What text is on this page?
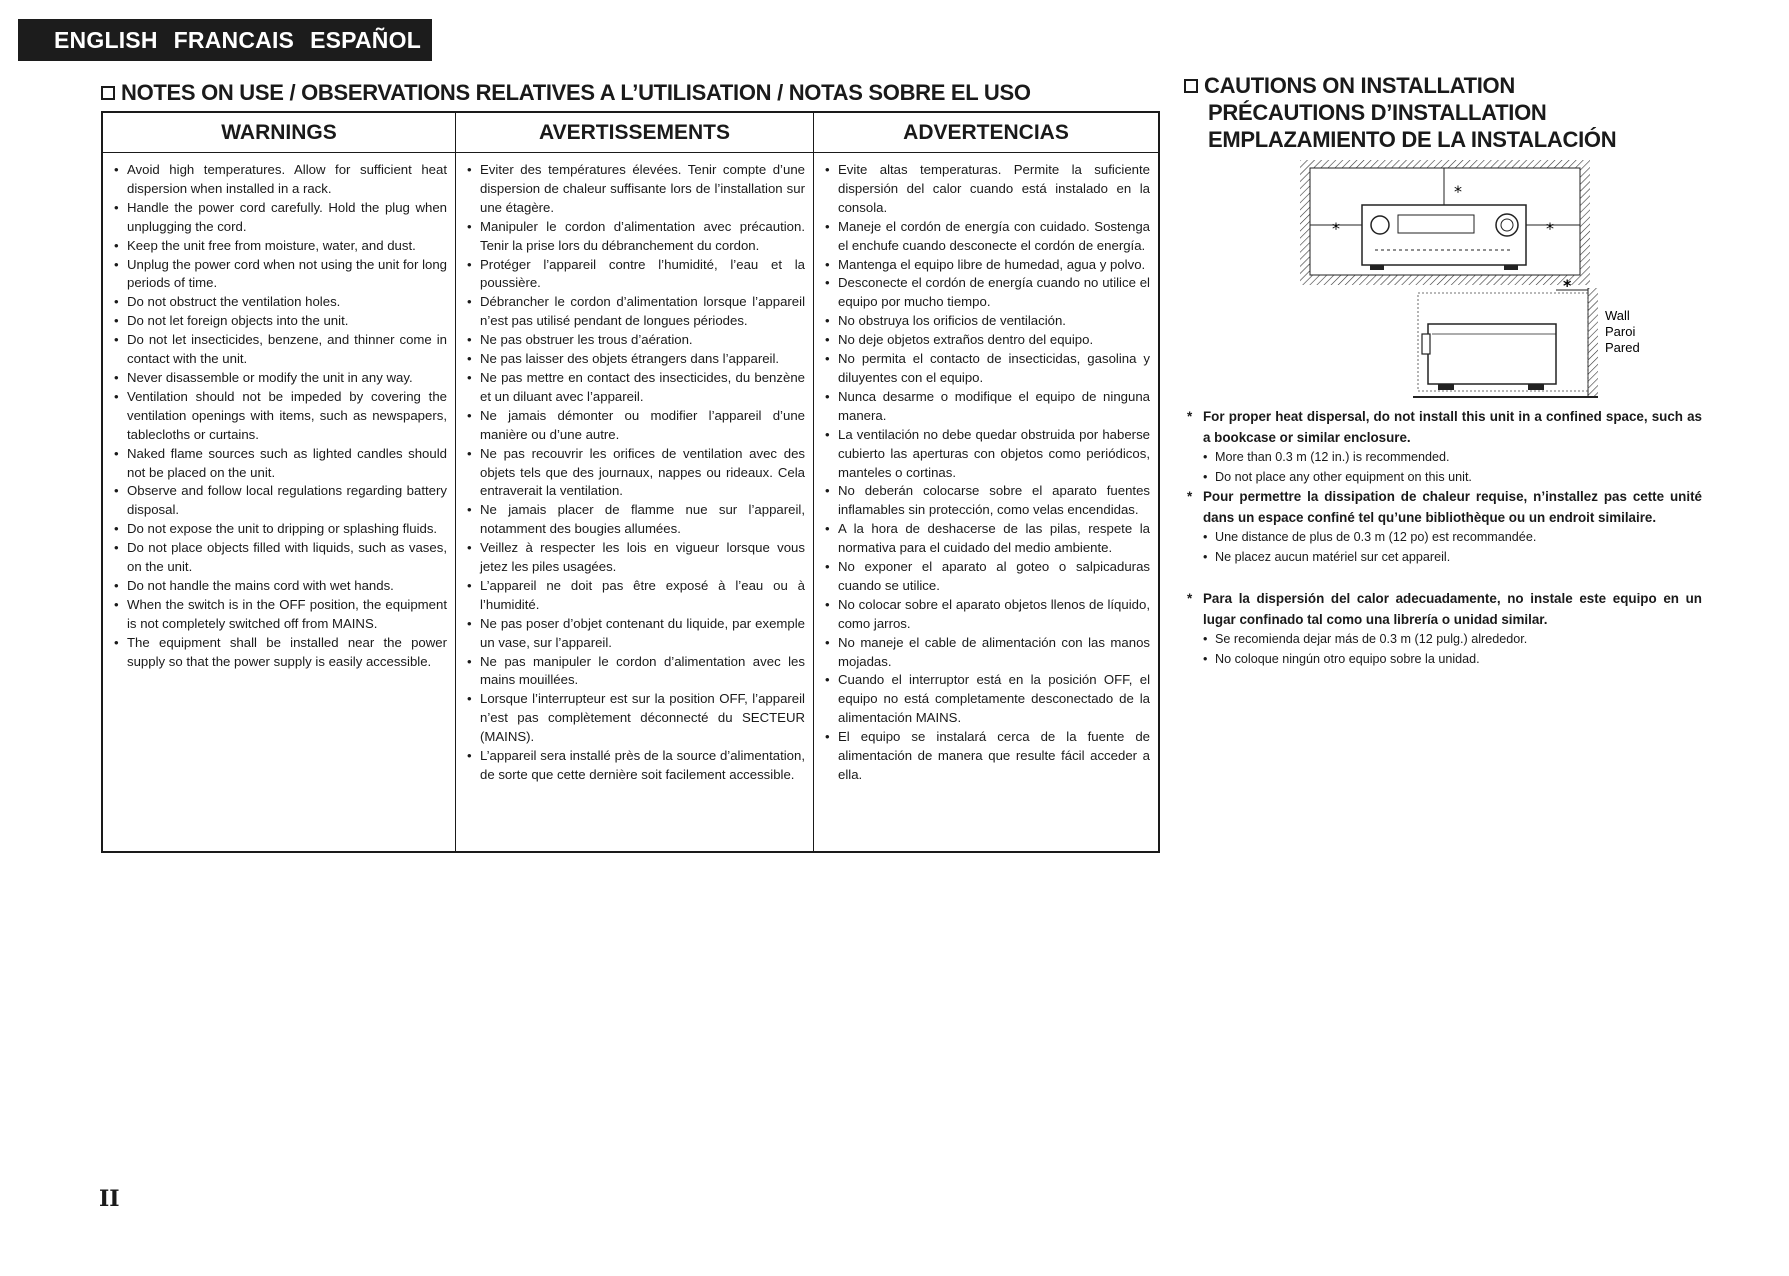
ENGLISH FRANCAIS ESPAÑOL
NOTES ON USE / OBSERVATIONS RELATIVES A L’UTILISATION / NOTAS SOBRE EL USO
WARNINGS
• Avoid high temperatures. Allow for sufficient heat dispersion when installed in a rack.
• Handle the power cord carefully. Hold the plug when unplugging the cord.
• Keep the unit free from moisture, water, and dust.
• Unplug the power cord when not using the unit for long periods of time.
• Do not obstruct the ventilation holes.
• Do not let foreign objects into the unit.
• Do not let insecticides, benzene, and thinner come in contact with the unit.
• Never disassemble or modify the unit in any way.
• Ventilation should not be impeded by covering the ventilation openings with items, such as newspapers, tablecloths or curtains.
• Naked flame sources such as lighted candles should not be placed on the unit.
• Observe and follow local regulations regarding battery disposal.
• Do not expose the unit to dripping or splashing fluids.
• Do not place objects filled with liquids, such as vases, on the unit.
• Do not handle the mains cord with wet hands.
• When the switch is in the OFF position, the equipment is not completely switched off from MAINS.
• The equipment shall be installed near the power supply so that the power supply is easily accessible.
AVERTISSEMENTS
• Eviter des températures élevées. Tenir compte d’une dispersion de chaleur suffisante lors de l’installation sur une étagère.
• Manipuler le cordon d’alimentation avec précaution. Tenir la prise lors du débranchement du cordon.
• Protéger l’appareil contre l’humidité, l’eau et la poussière.
• Débrancher le cordon d’alimentation lorsque l’appareil n’est pas utilisé pendant de longues périodes.
• Ne pas obstruer les trous d’aération.
• Ne pas laisser des objets étrangers dans l’appareil.
• Ne pas mettre en contact des insecticides, du benzène et un diluant avec l’appareil.
• Ne jamais démonter ou modifier l’appareil d’une manière ou d’une autre.
• Ne pas recouvrir les orifices de ventilation avec des objets tels que des journaux, nappes ou rideaux. Cela entraverait la ventilation.
• Ne jamais placer de flamme nue sur l’appareil, notamment des bougies allumées.
• Veillez à respecter les lois en vigueur lorsque vous jetez les piles usagées.
• L’appareil ne doit pas être exposé à l’eau ou à l’humidité.
• Ne pas poser d’objet contenant du liquide, par exemple un vase, sur l’appareil.
• Ne pas manipuler le cordon d’alimentation avec les mains mouillées.
• Lorsque l’interrupteur est sur la position OFF, l’appareil n’est pas complètement déconnecté du SECTEUR (MAINS).
• L’appareil sera installé près de la source d’alimentation, de sorte que cette dernière soit facilement accessible.
ADVERTENCIAS
• Evite altas temperaturas. Permite la suficiente dispersión del calor cuando está instalado en la consola.
• Maneje el cordón de energía con cuidado. Sostenga el enchufe cuando desconecte el cordón de energía.
• Mantenga el equipo libre de humedad, agua y polvo.
• Desconecte el cordón de energía cuando no utilice el equipo por mucho tiempo.
• No obstruya los orificios de ventilación.
• No deje objetos extraños dentro del equipo.
• No permita el contacto de insecticidas, gasolina y diluyentes con el equipo.
• Nunca desarme o modifique el equipo de ninguna manera.
• La ventilación no debe quedar obstruida por haberse cubierto las aperturas con objetos como periódicos, manteles o cortinas.
• No deberán colocarse sobre el aparato fuentes inflamables sin protección, como velas encendidas.
• A la hora de deshacerse de las pilas, respete la normativa para el cuidado del medio ambiente.
• No exponer el aparato al goteo o salpicaduras cuando se utilice.
• No colocar sobre el aparato objetos llenos de líquido, como jarros.
• No maneje el cable de alimentación con las manos mojadas.
• Cuando el interruptor está en la posición OFF, el equipo no está completamente desconectado de la alimentación MAINS.
• El equipo se instalará cerca de la fuente de alimentación de manera que resulte fácil acceder a ella.
CAUTIONS ON INSTALLATION
PRÉCAUTIONS D’INSTALLATION
EMPLAZAMIENTO DE LA INSTALACIÓN
*
*	*
*
Wall
Paroi
Pared
* For proper heat dispersal, do not install this unit in a confined space, such as a bookcase or similar enclosure.
• More than 0.3 m (12 in.) is recommended.
• Do not place any other equipment on this unit.
* Pour permettre la dissipation de chaleur requise, n’installez pas cette unité dans un espace confiné tel qu’une bibliothèque ou un endroit similaire.
• Une distance de plus de 0.3 m (12 po) est recommandée.
• Ne placez aucun matériel sur cet appareil.
* Para la dispersión del calor adecuadamente, no instale este equipo en un lugar confinado tal como una librería o unidad similar.
• Se recomienda dejar más de 0.3 m (12 pulg.) alrededor.
• No coloque ningún otro equipo sobre la unidad.
II
